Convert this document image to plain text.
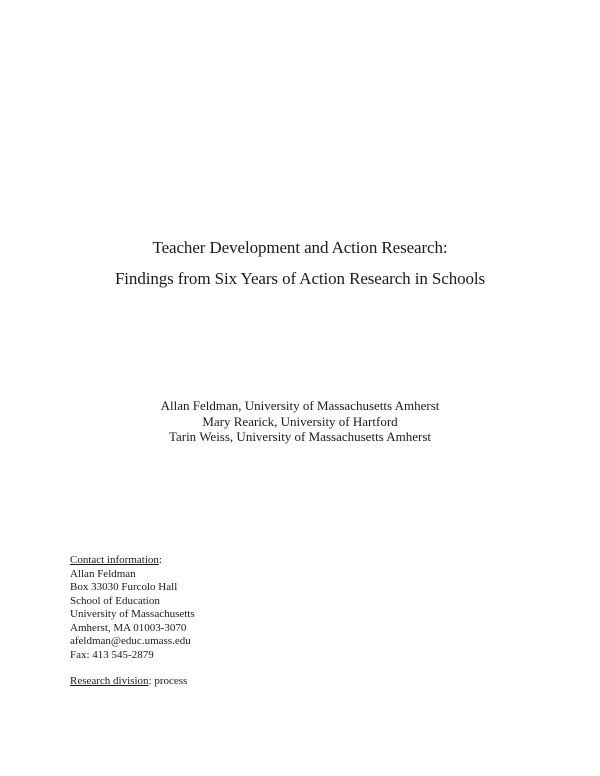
Teacher Development and Action Research:

Findings from Six Years of Action Research in Schools

Allan Feldman, University of Massachusetts Amherst

Mary Rearick, University of Hartford

Tarin Weiss, University of Massachusetts Amherst

Contact information:

Allan Feldman

Box 33030 Furcolo Hall

School of Education

University of Massachusetts

Amherst, MA 01003-3070

afeldman@educ.umass.edu

Fax: 413 545-2879

Research division: process
